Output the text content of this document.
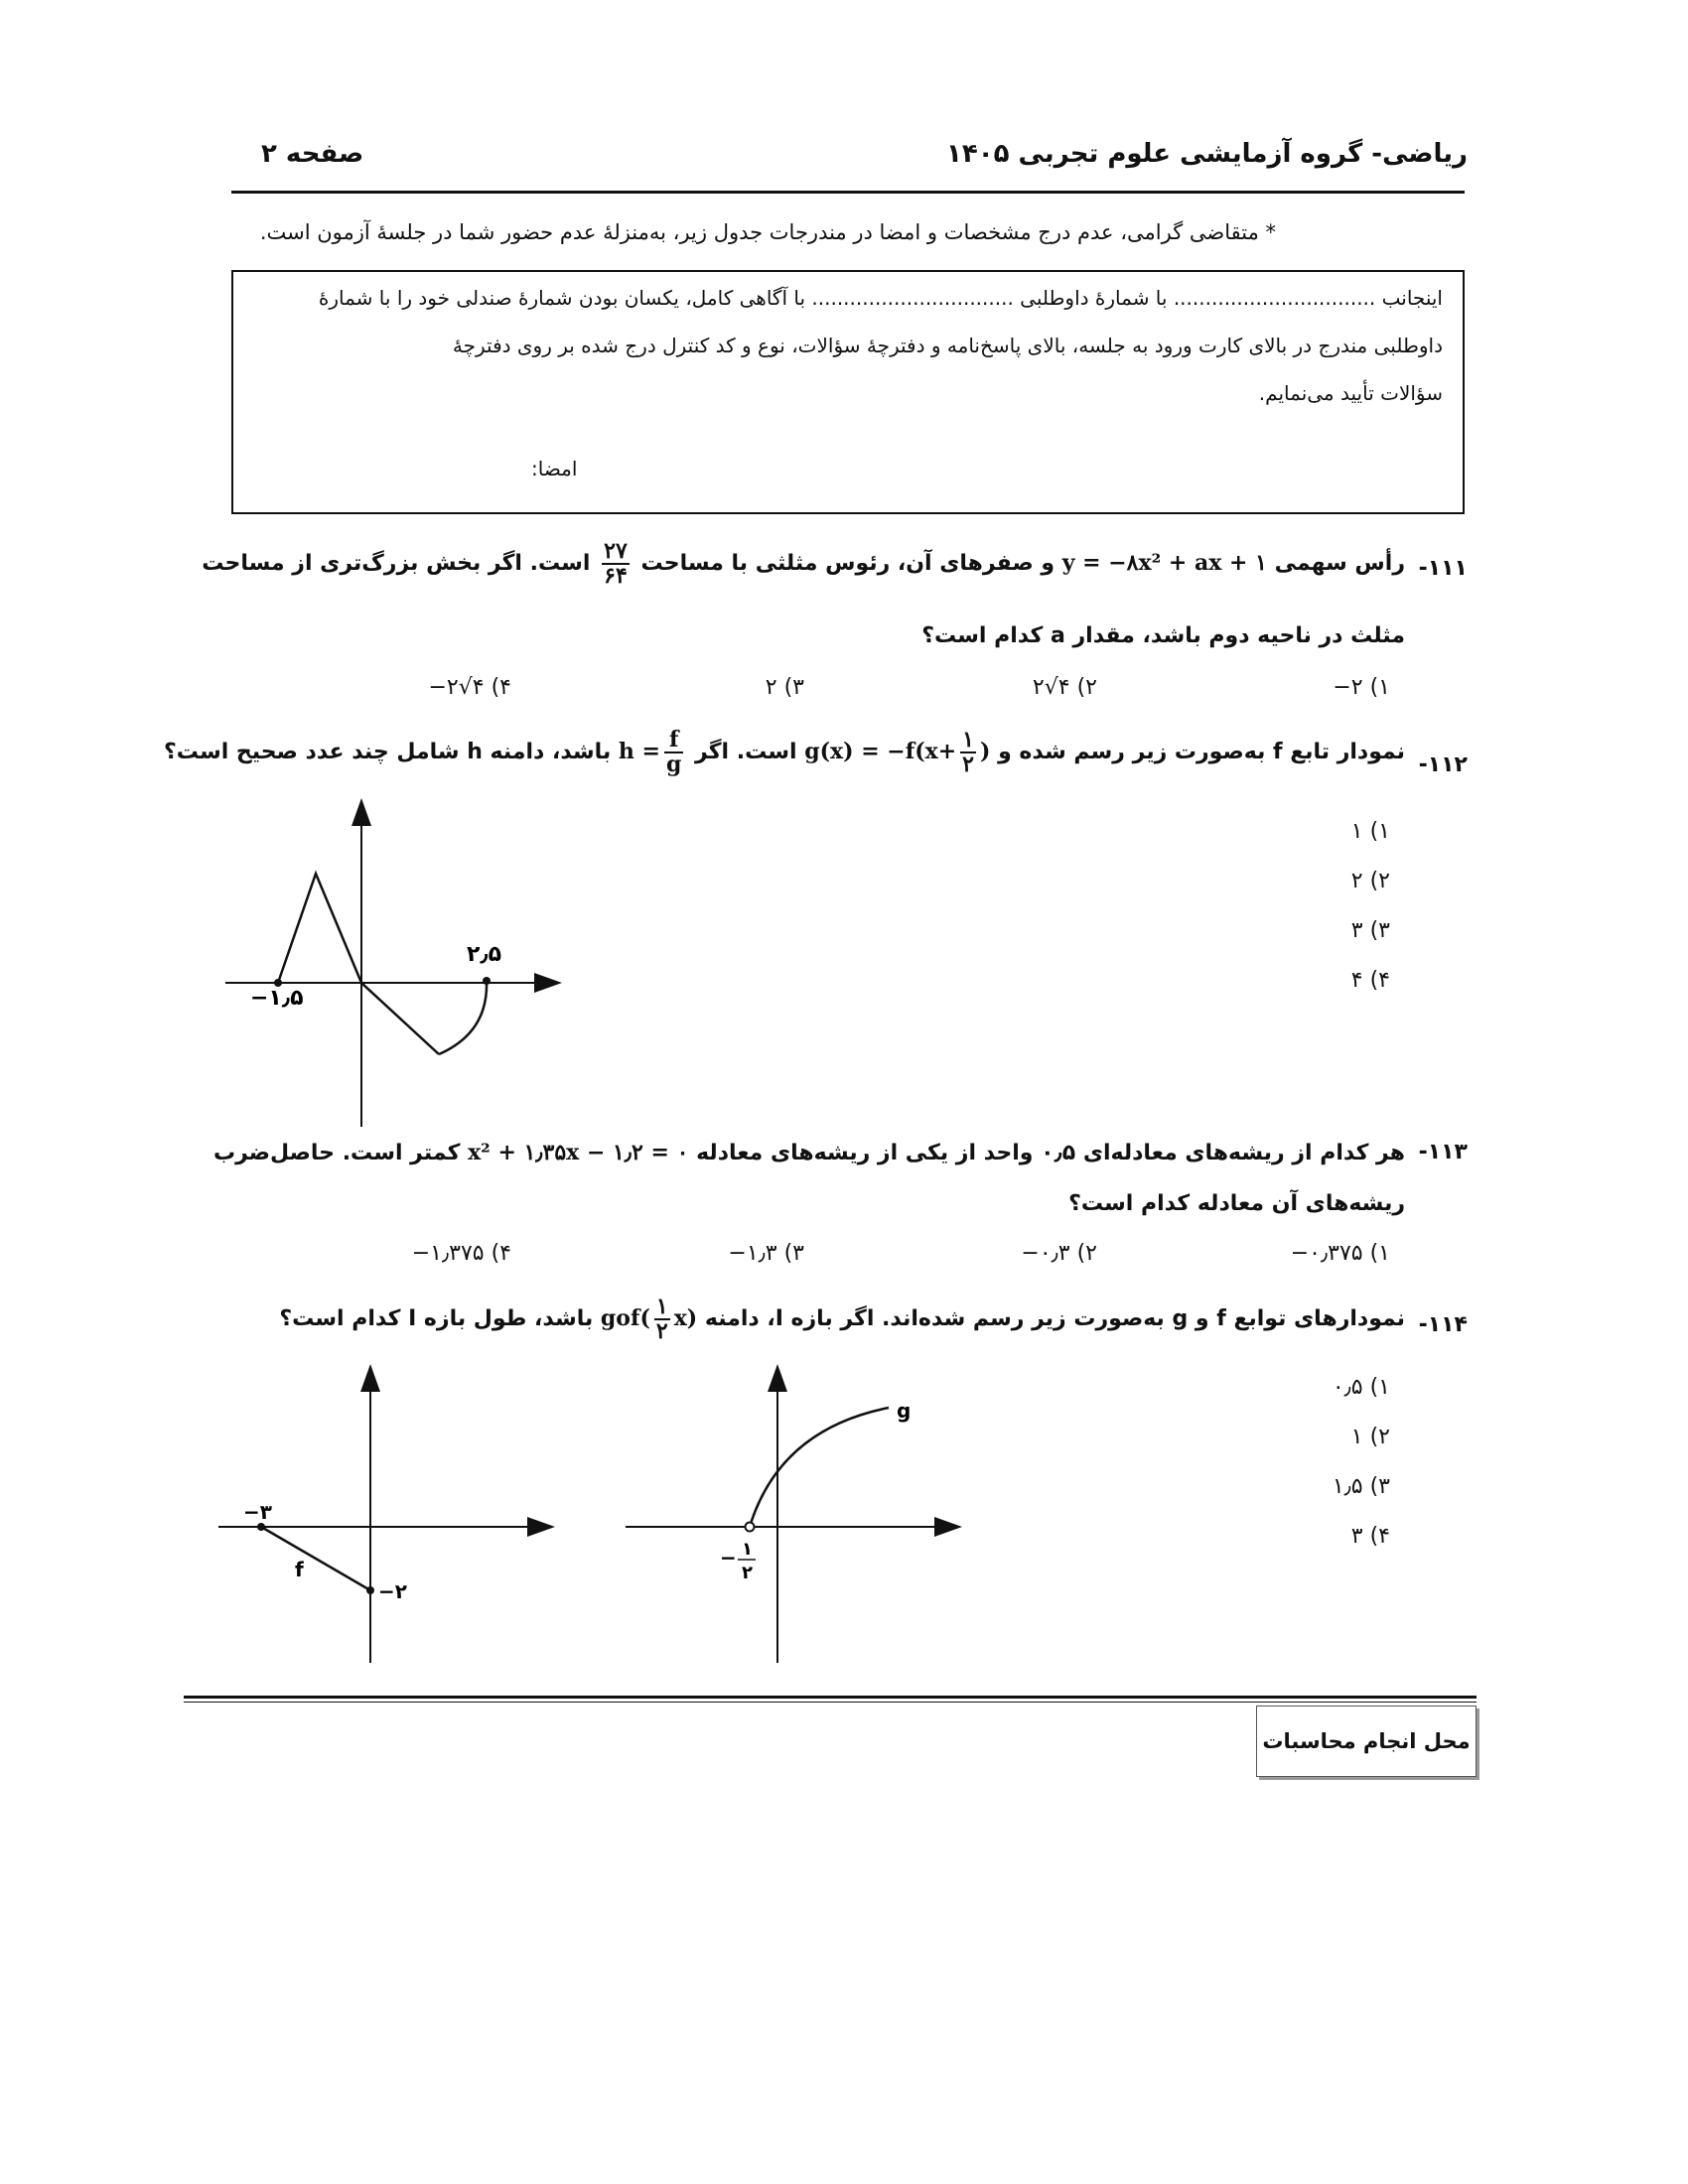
ریاضی- گروه آزمایشی علوم تجربی ۱۴۰۵
صفحه ۲
* متقاضی گرامی، عدم درج مشخصات و امضا در مندرجات جدول زیر، به‌منزلهٔ عدم حضور شما در جلسهٔ آزمون است.
اینجانب ................................ با شمارهٔ داوطلبی ................................ با آگاهی کامل، یکسان بودن شمارهٔ صندلی خود را با شمارهٔ
داوطلبی مندرج در بالای کارت ورود به جلسه، بالای پاسخ‌نامه و دفترچهٔ سؤالات، نوع و کد کنترل درج شده بر روی دفترچهٔ
سؤالات تأیید می‌نمایم.
امضا:
۱۱۱-
رأس سهمی y = −۸x² + ax + ۱ و صفرهای آن، رئوس مثلثی با مساحت
$\frac{۲۷}{۶۴}$
است. اگر بخش بزرگ‌تری از مساحت
مثلث در ناحیه دوم باشد، مقدار a کدام است؟
۱) ۲−
۲) ۴√۲
۳) ۲
۴) ۴√۲−
۱۱۲-
نمودار تابع f به‌صورت زیر رسم شده و $g(x) = -f(x+ \frac{۱}{۲}$ ) است. اگر $h = \frac{f}{g}$
باشد، دامنه h شامل چند عدد صحیح است؟
۱) ۱
۲) ۲
۳) ۳
۴) ۴
−۱٫۵
۲٫۵
۱۱۳-
هر کدام از ریشه‌های معادله‌ای ۰٫۵ واحد از یکی از ریشه‌های معادله x² + ۱٫۳۵x − ۱٫۲ = ۰ کمتر است. حاصل‌ضرب
ریشه‌های آن معادله کدام است؟
۱) ۰٫۳۷۵−
۲) ۰٫۳−
۳) ۱٫۳−
۴) ۱٫۳۷۵−
۱۱۴-
نمودارهای توابع f و g به‌صورت زیر رسم شده‌اند. اگر بازه I، دامنه $gof( \frac{۱}{۲} x)$ باشد، طول بازه I کدام است؟
۱) ۰٫۵
۲) ۱
۳) ۱٫۵
۴) ۳
−۳
−۲
f
g
− ۱
۲
محل انجام محاسبات
